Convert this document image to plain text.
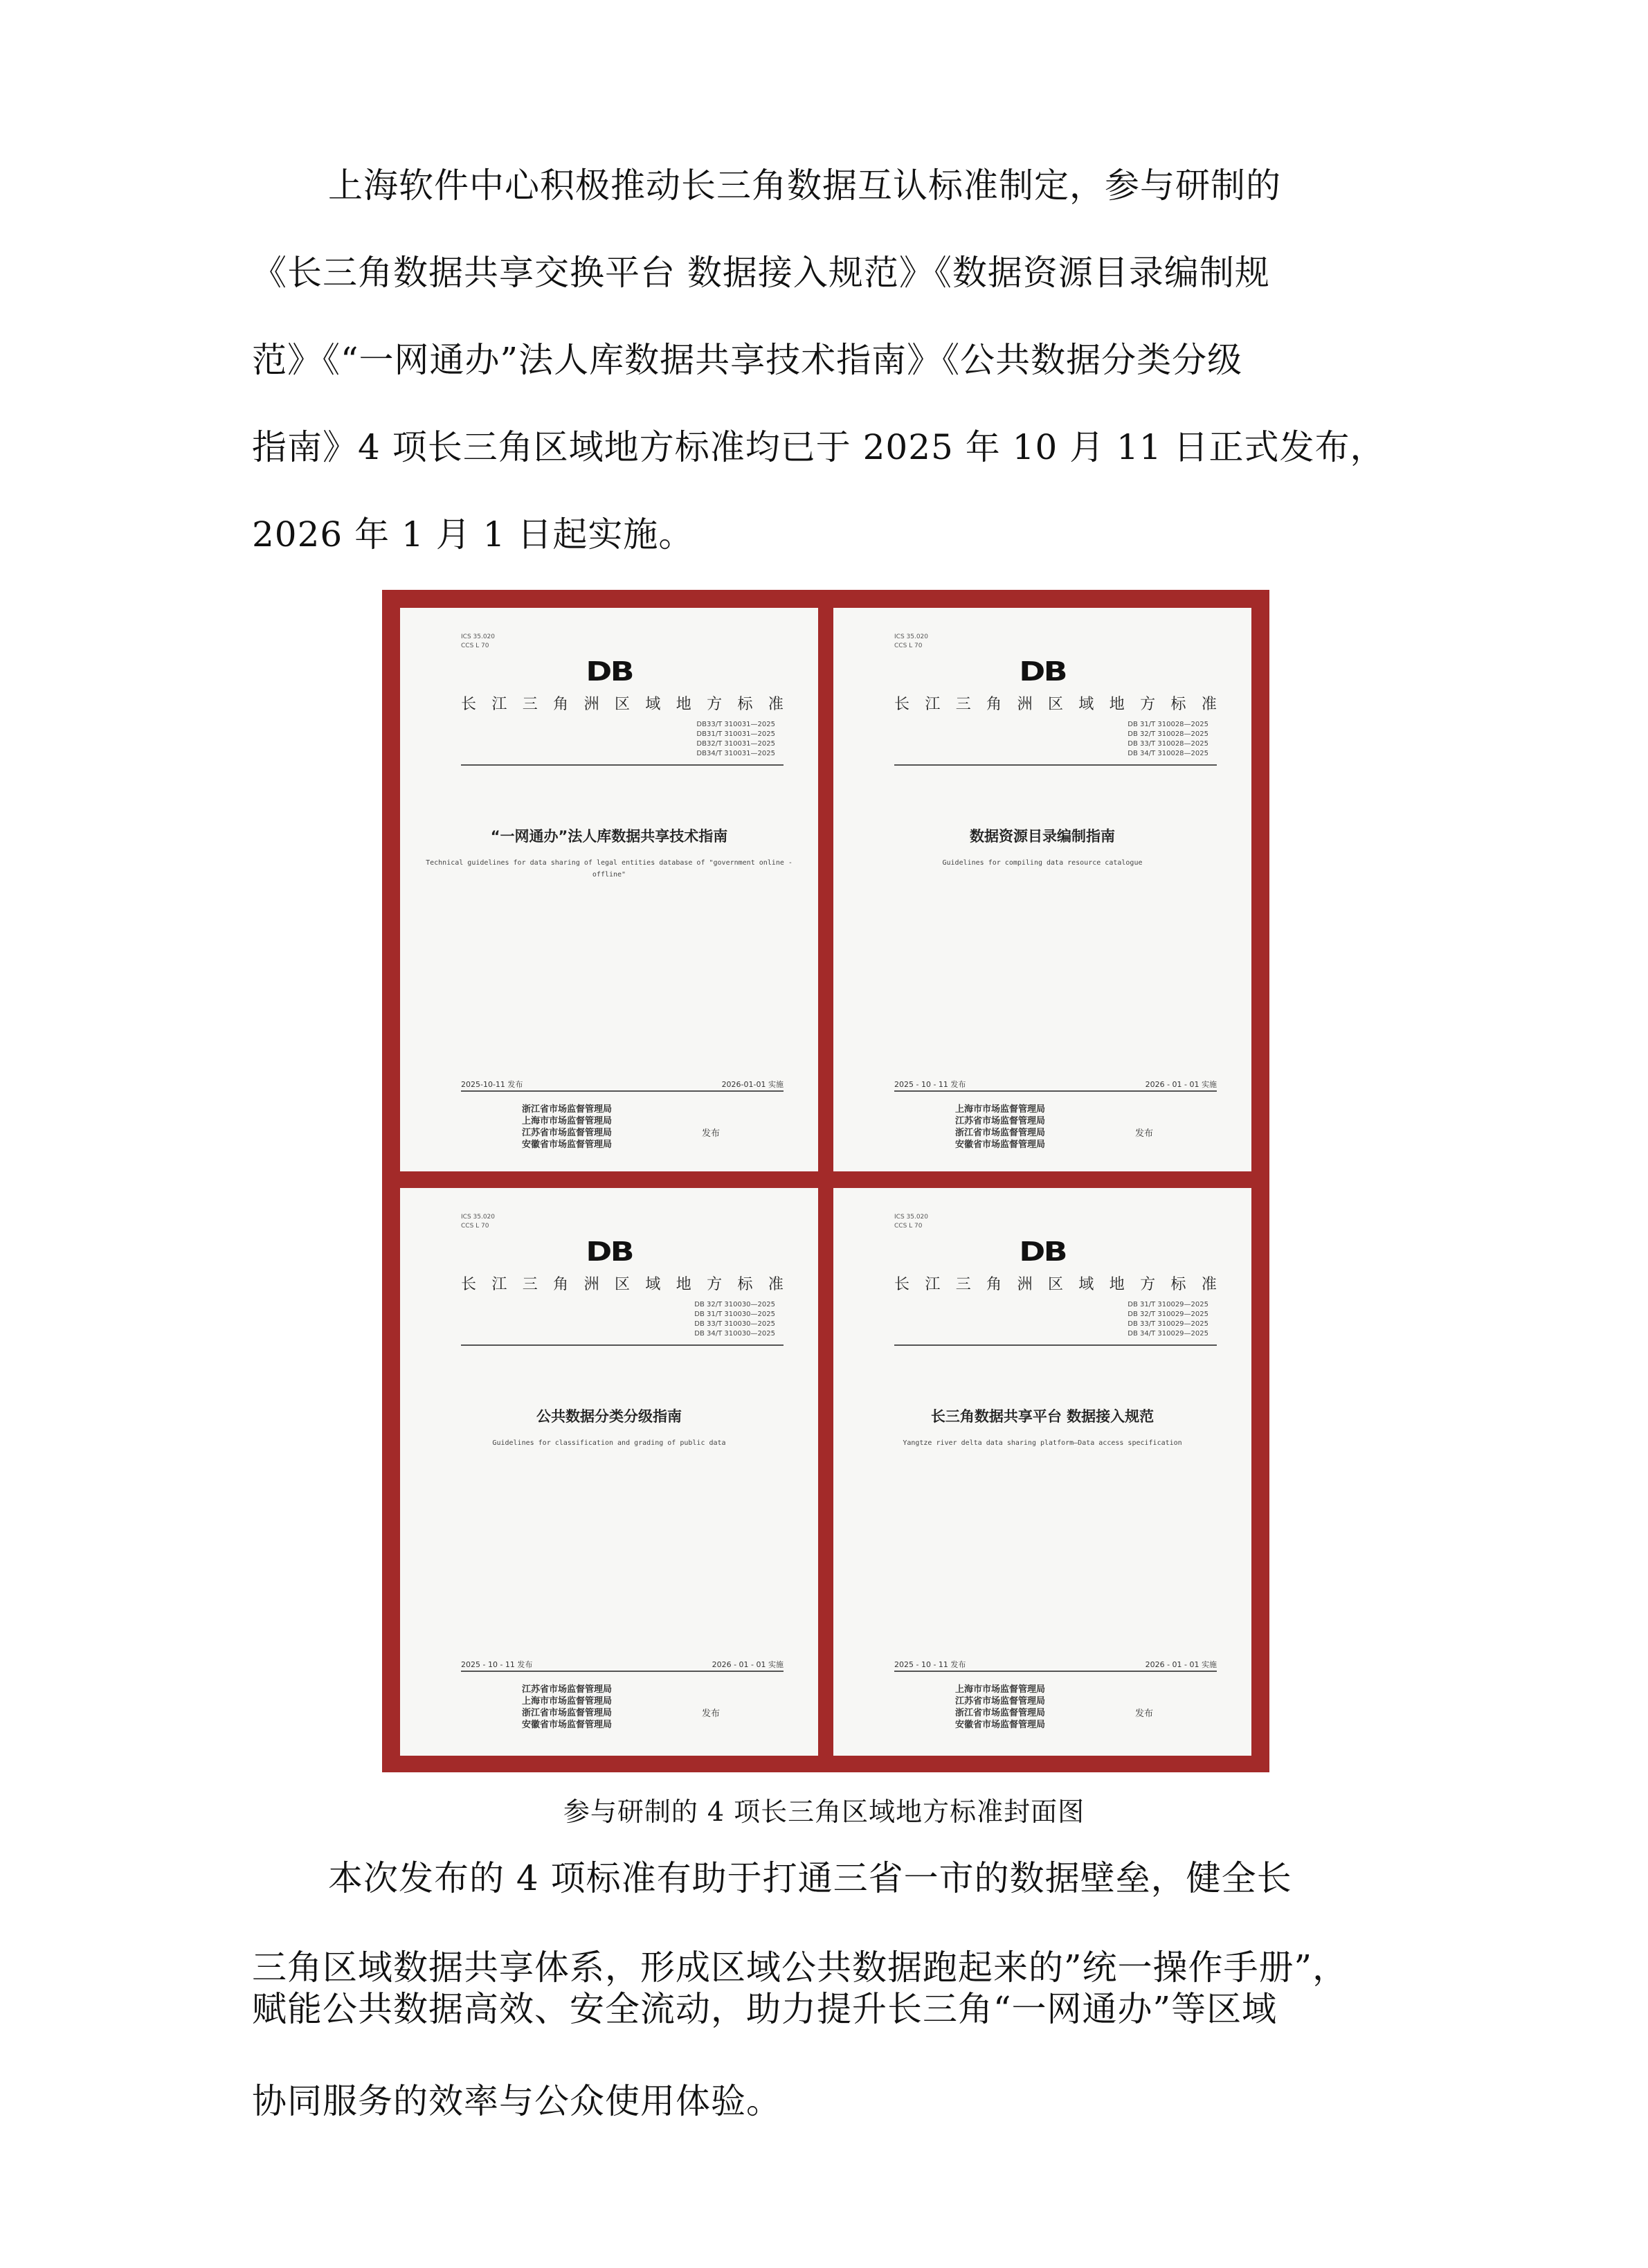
上海软件中心积极推动长三角数据互认标准制定，参与研制的

《长三角数据共享交换平台 数据接入规范》《数据资源目录编制规

范》《“一网通办”法人库数据共享技术指南》《公共数据分类分级

指南》4 项长三角区域地方标准均已于 2025 年 10 月 11 日正式发布，

2026 年 1 月 1 日起实施。

ICS 35.020
CCS L 70
DB
长 江 三 角 洲 区 域 地 方 标 准
DB33/T 310031—2025
DB31/T 310031—2025
DB32/T 310031—2025
DB34/T 310031—2025
“一网通办”法人库数据共享技术指南
Technical guidelines for data sharing of legal entities database of "government online -offline"
2025-10-11 发布	2026-01-01 实施
浙江省市场监督管理局
上海市市场监督管理局
江苏省市场监督管理局
安徽省市场监督管理局
发布
ICS 35.020
CCS L 70
DB
长 江 三 角 洲 区 域 地 方 标 准
DB 31/T 310028—2025
DB 32/T 310028—2025
DB 33/T 310028—2025
DB 34/T 310028—2025
数据资源目录编制指南
Guidelines for compiling data resource catalogue
2025 - 10 - 11 发布	2026 - 01 - 01 实施
上海市市场监督管理局
江苏省市场监督管理局
浙江省市场监督管理局
安徽省市场监督管理局
发布
ICS 35.020
CCS L 70
DB
长 江 三 角 洲 区 域 地 方 标 准
DB 32/T 310030—2025
DB 31/T 310030—2025
DB 33/T 310030—2025
DB 34/T 310030—2025
公共数据分类分级指南
Guidelines for classification and grading of public data
2025 - 10 - 11 发布	2026 - 01 - 01 实施
江苏省市场监督管理局
上海市市场监督管理局
浙江省市场监督管理局
安徽省市场监督管理局
发布
ICS 35.020
CCS L 70
DB
长 江 三 角 洲 区 域 地 方 标 准
DB 31/T 310029—2025
DB 32/T 310029—2025
DB 33/T 310029—2025
DB 34/T 310029—2025
长三角数据共享平台 数据接入规范
Yangtze river delta data sharing platform—Data access specification
2025 - 10 - 11 发布	2026 - 01 - 01 实施
上海市市场监督管理局
江苏省市场监督管理局
浙江省市场监督管理局
安徽省市场监督管理局
发布
参与研制的 4 项长三角区域地方标准封面图

本次发布的 4 项标准有助于打通三省一市的数据壁垒，健全长

三角区域数据共享体系，形成区域公共数据跑起来的”统一操作手册”，

赋能公共数据高效、安全流动，助力提升长三角“一网通办”等区域

协同服务的效率与公众使用体验。
